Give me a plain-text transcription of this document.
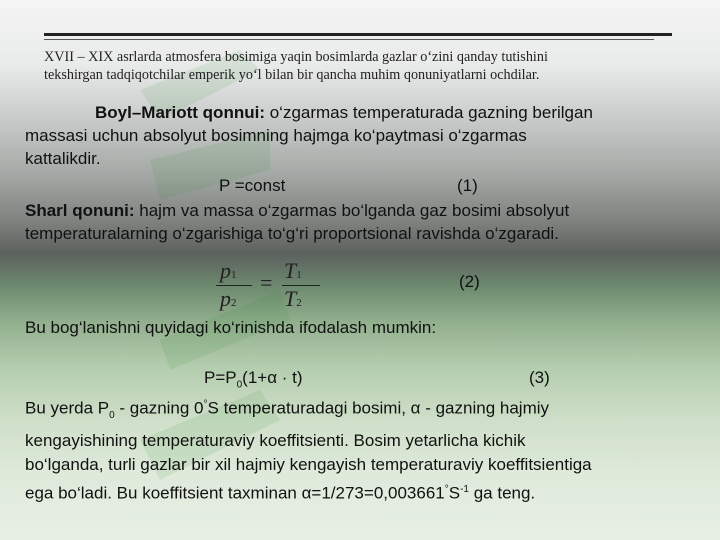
XVII – XIX asrlarda atmosfera bosimiga yaqin bosimlarda gazlar o‘zini qanday tutishini
tekshirgan tadqiqotchilar emperik yo‘l bilan bir qancha muhim qonuniyatlarni ochdilar.
Boyl–Mariott qonnui: o‘zgarmas temperaturada gazning berilgan
massasi uchun absolyut bosimning hajmga ko‘paytmasi o‘zgarmas
kattalikdir.
P =const	(1)
Sharl qonuni: hajm va massa o‘zgarmas bo‘lganda gaz bosimi absolyut
temperaturalarning o‘zgarishiga to‘g‘ri proportsional ravishda o‘zgaradi.
p1
p2
= T1
T2
(2)
Bu bog‘lanishni quyidagi ko‘rinishda ifodalash mumkin:
$P=P_0(1+\alpha \cdot t)$	(3)
Bu yerda $P_0$ - gazning 0°S temperaturadagi bosimi, α - gazning hajmiy
kengayishining temperaturaviy koeffitsienti. Bosim yetarlicha kichik
bo‘lganda, turli gazlar bir xil hajmiy kengayish temperaturaviy koeffitsientiga
ega bo‘ladi. Bu koeffitsient taxminan $\alpha=1/273=0,003661^\circ S^{-1}$ ga teng.
